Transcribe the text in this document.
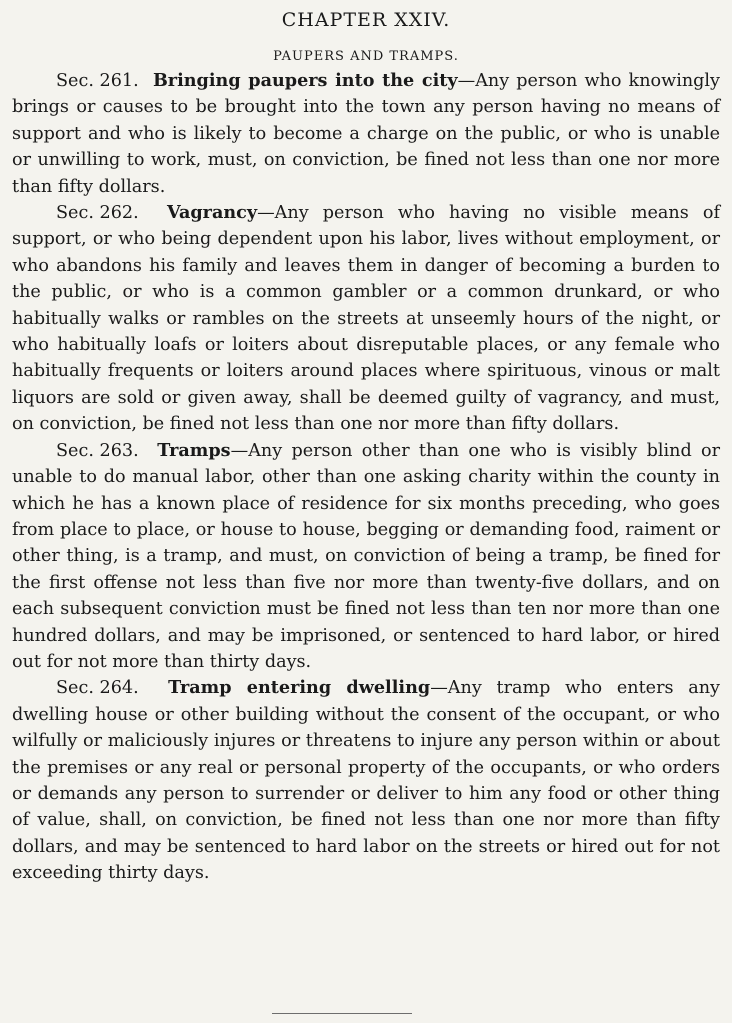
CHAPTER XXIV.
PAUPERS AND TRAMPS.

Sec. 261. Bringing paupers into the city—Any person who knowingly brings or causes to be brought into the town any person having no means of support and who is likely to become a charge on the public, or who is unable or unwilling to work, must, on conviction, be fined not less than one nor more than fifty dollars.

Sec. 262. Vagrancy—Any person who having no visible means of support, or who being dependent upon his labor, lives without employment, or who abandons his family and leaves them in danger of becoming a burden to the public, or who is a common gambler or a common drunkard, or who habitually walks or rambles on the streets at unseemly hours of the night, or who habitually loafs or loiters about disreputable places, or any female who habitually frequents or loiters around places where spirituous, vinous or malt liquors are sold or given away, shall be deemed guilty of vagrancy, and must, on conviction, be fined not less than one nor more than fifty dollars.

Sec. 263. Tramps—Any person other than one who is visibly blind or unable to do manual labor, other than one asking charity within the county in which he has a known place of residence for six months preceding, who goes from place to place, or house to house, begging or demanding food, raiment or other thing, is a tramp, and must, on conviction of being a tramp, be fined for the first offense not less than five nor more than twenty-five dollars, and on each subsequent conviction must be fined not less than ten nor more than one hundred dollars, and may be imprisoned, or sentenced to hard labor, or hired out for not more than thirty days.

Sec. 264. Tramp entering dwelling—Any tramp who enters any dwelling house or other building without the consent of the occupant, or who wilfully or maliciously injures or threatens to injure any person within or about the premises or any real or personal property of the occupants, or who orders or demands any person to surrender or deliver to him any food or other thing of value, shall, on conviction, be fined not less than one nor more than fifty dollars, and may be sentenced to hard labor on the streets or hired out for not exceeding thirty days.
